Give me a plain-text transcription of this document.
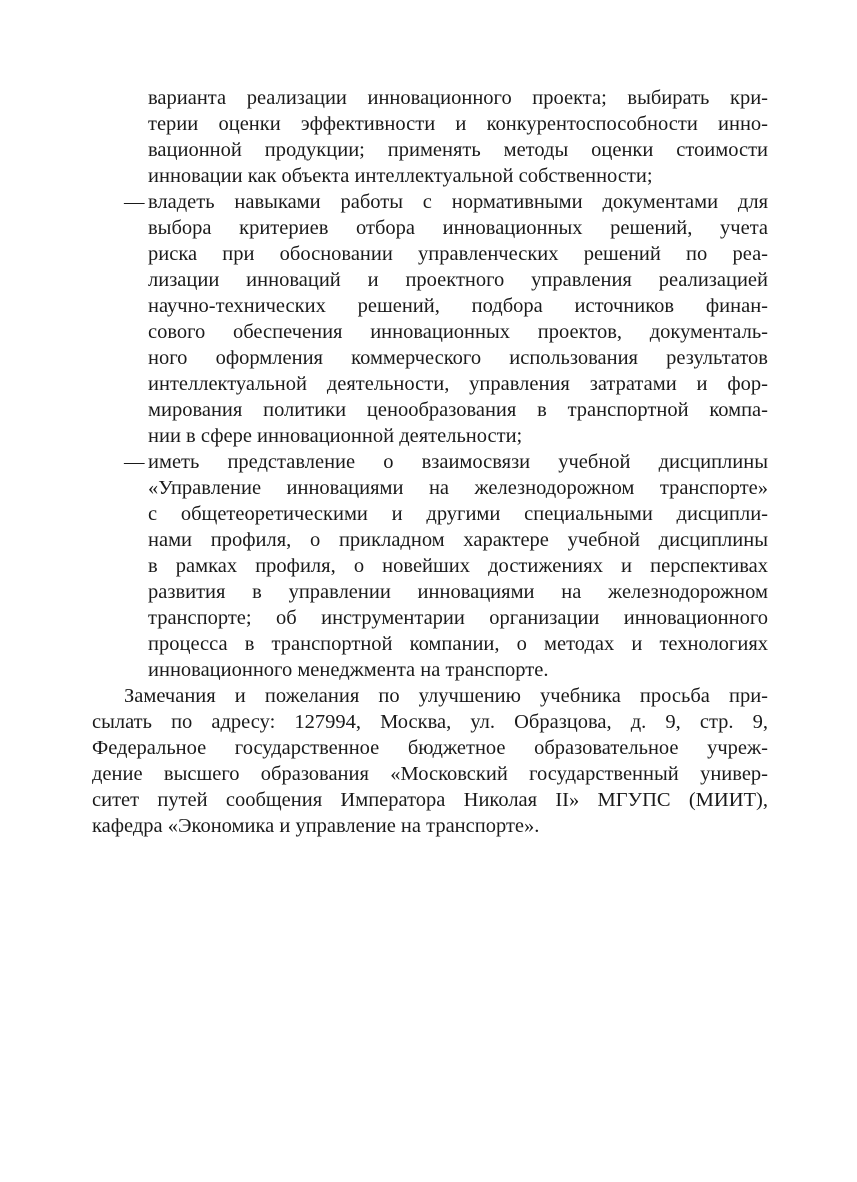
варианта реализации инновационного проекта; выбирать кри-
терии оценки эффективности и конкурентоспособности инно-
вационной продукции; применять методы оценки стоимости
инновации как объекта интеллектуальной собственности;
— владеть навыками работы с нормативными документами для
выбора критериев отбора инновационных решений, учета
риска при обосновании управленческих решений по реа-
лизации инноваций и проектного управления реализацией
научно-технических решений, подбора источников финан-
сового обеспечения инновационных проектов, документаль-
ного оформления коммерческого использования результатов
интеллектуальной деятельности, управления затратами и фор-
мирования политики ценообразования в транспортной компа-
нии в сфере инновационной деятельности;
— иметь представление о взаимосвязи учебной дисциплины
«Управление инновациями на железнодорожном транспорте»
с общетеоретическими и другими специальными дисципли-
нами профиля, о прикладном характере учебной дисциплины
в рамках профиля, о новейших достижениях и перспективах
развития в управлении инновациями на железнодорожном
транспорте; об инструментарии организации инновационного
процесса в транспортной компании, о методах и технологиях
инновационного менеджмента на транспорте.
Замечания и пожелания по улучшению учебника просьба при-
сылать по адресу: 127994, Москва, ул. Образцова, д. 9, стр. 9,
Федеральное государственное бюджетное образовательное учреж-
дение высшего образования «Московский государственный универ-
ситет путей сообщения Императора Николая II» МГУПС (МИИТ),
кафедра «Экономика и управление на транспорте».
